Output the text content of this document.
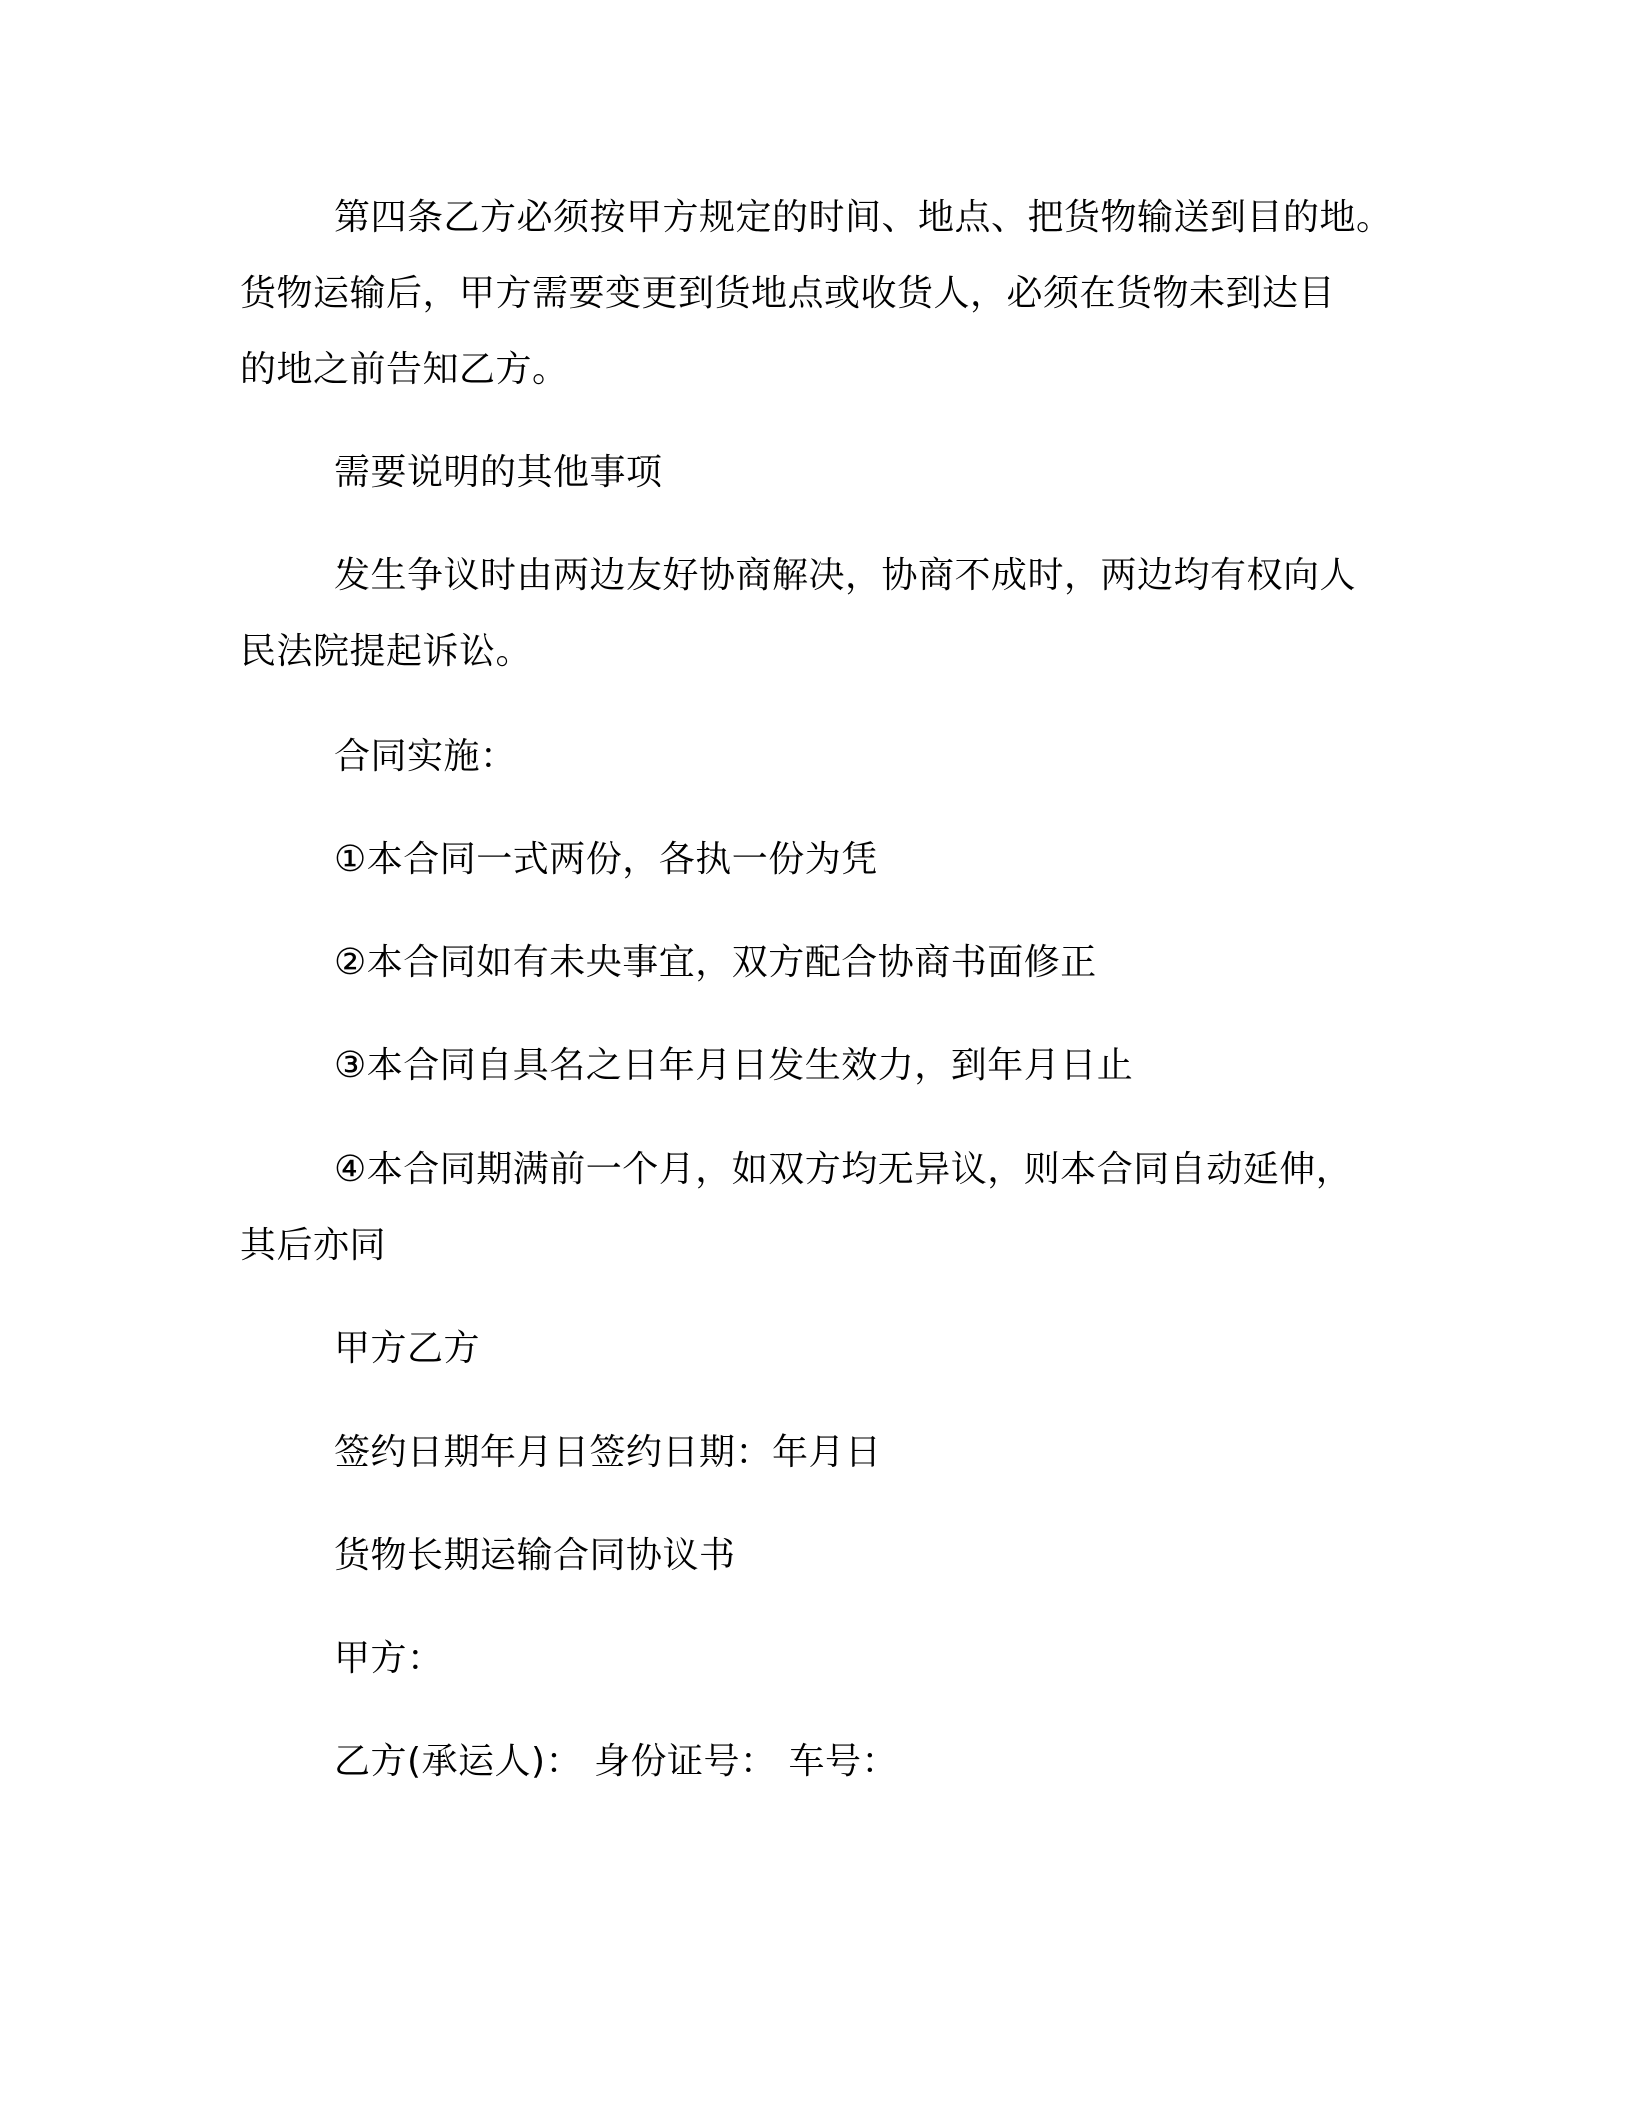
第四条乙方必须按甲方规定的时间、地点、把货物输送到目的地。
货物运输后，甲方需要变更到货地点或收货人，必须在货物未到达目
的地之前告知乙方。
需要说明的其他事项
发生争议时由两边友好协商解决，协商不成时，两边均有权向人
民法院提起诉讼。
合同实施：
①本合同一式两份，各执一份为凭
②本合同如有未央事宜，双方配合协商书面修正
③本合同自具名之日年月日发生效力，到年月日止
④本合同期满前一个月，如双方均无异议，则本合同自动延伸，
其后亦同
甲方乙方
签约日期年月日签约日期：年月日
货物长期运输合同协议书
甲方：
乙方(承运人)： 身份证号： 车号：
